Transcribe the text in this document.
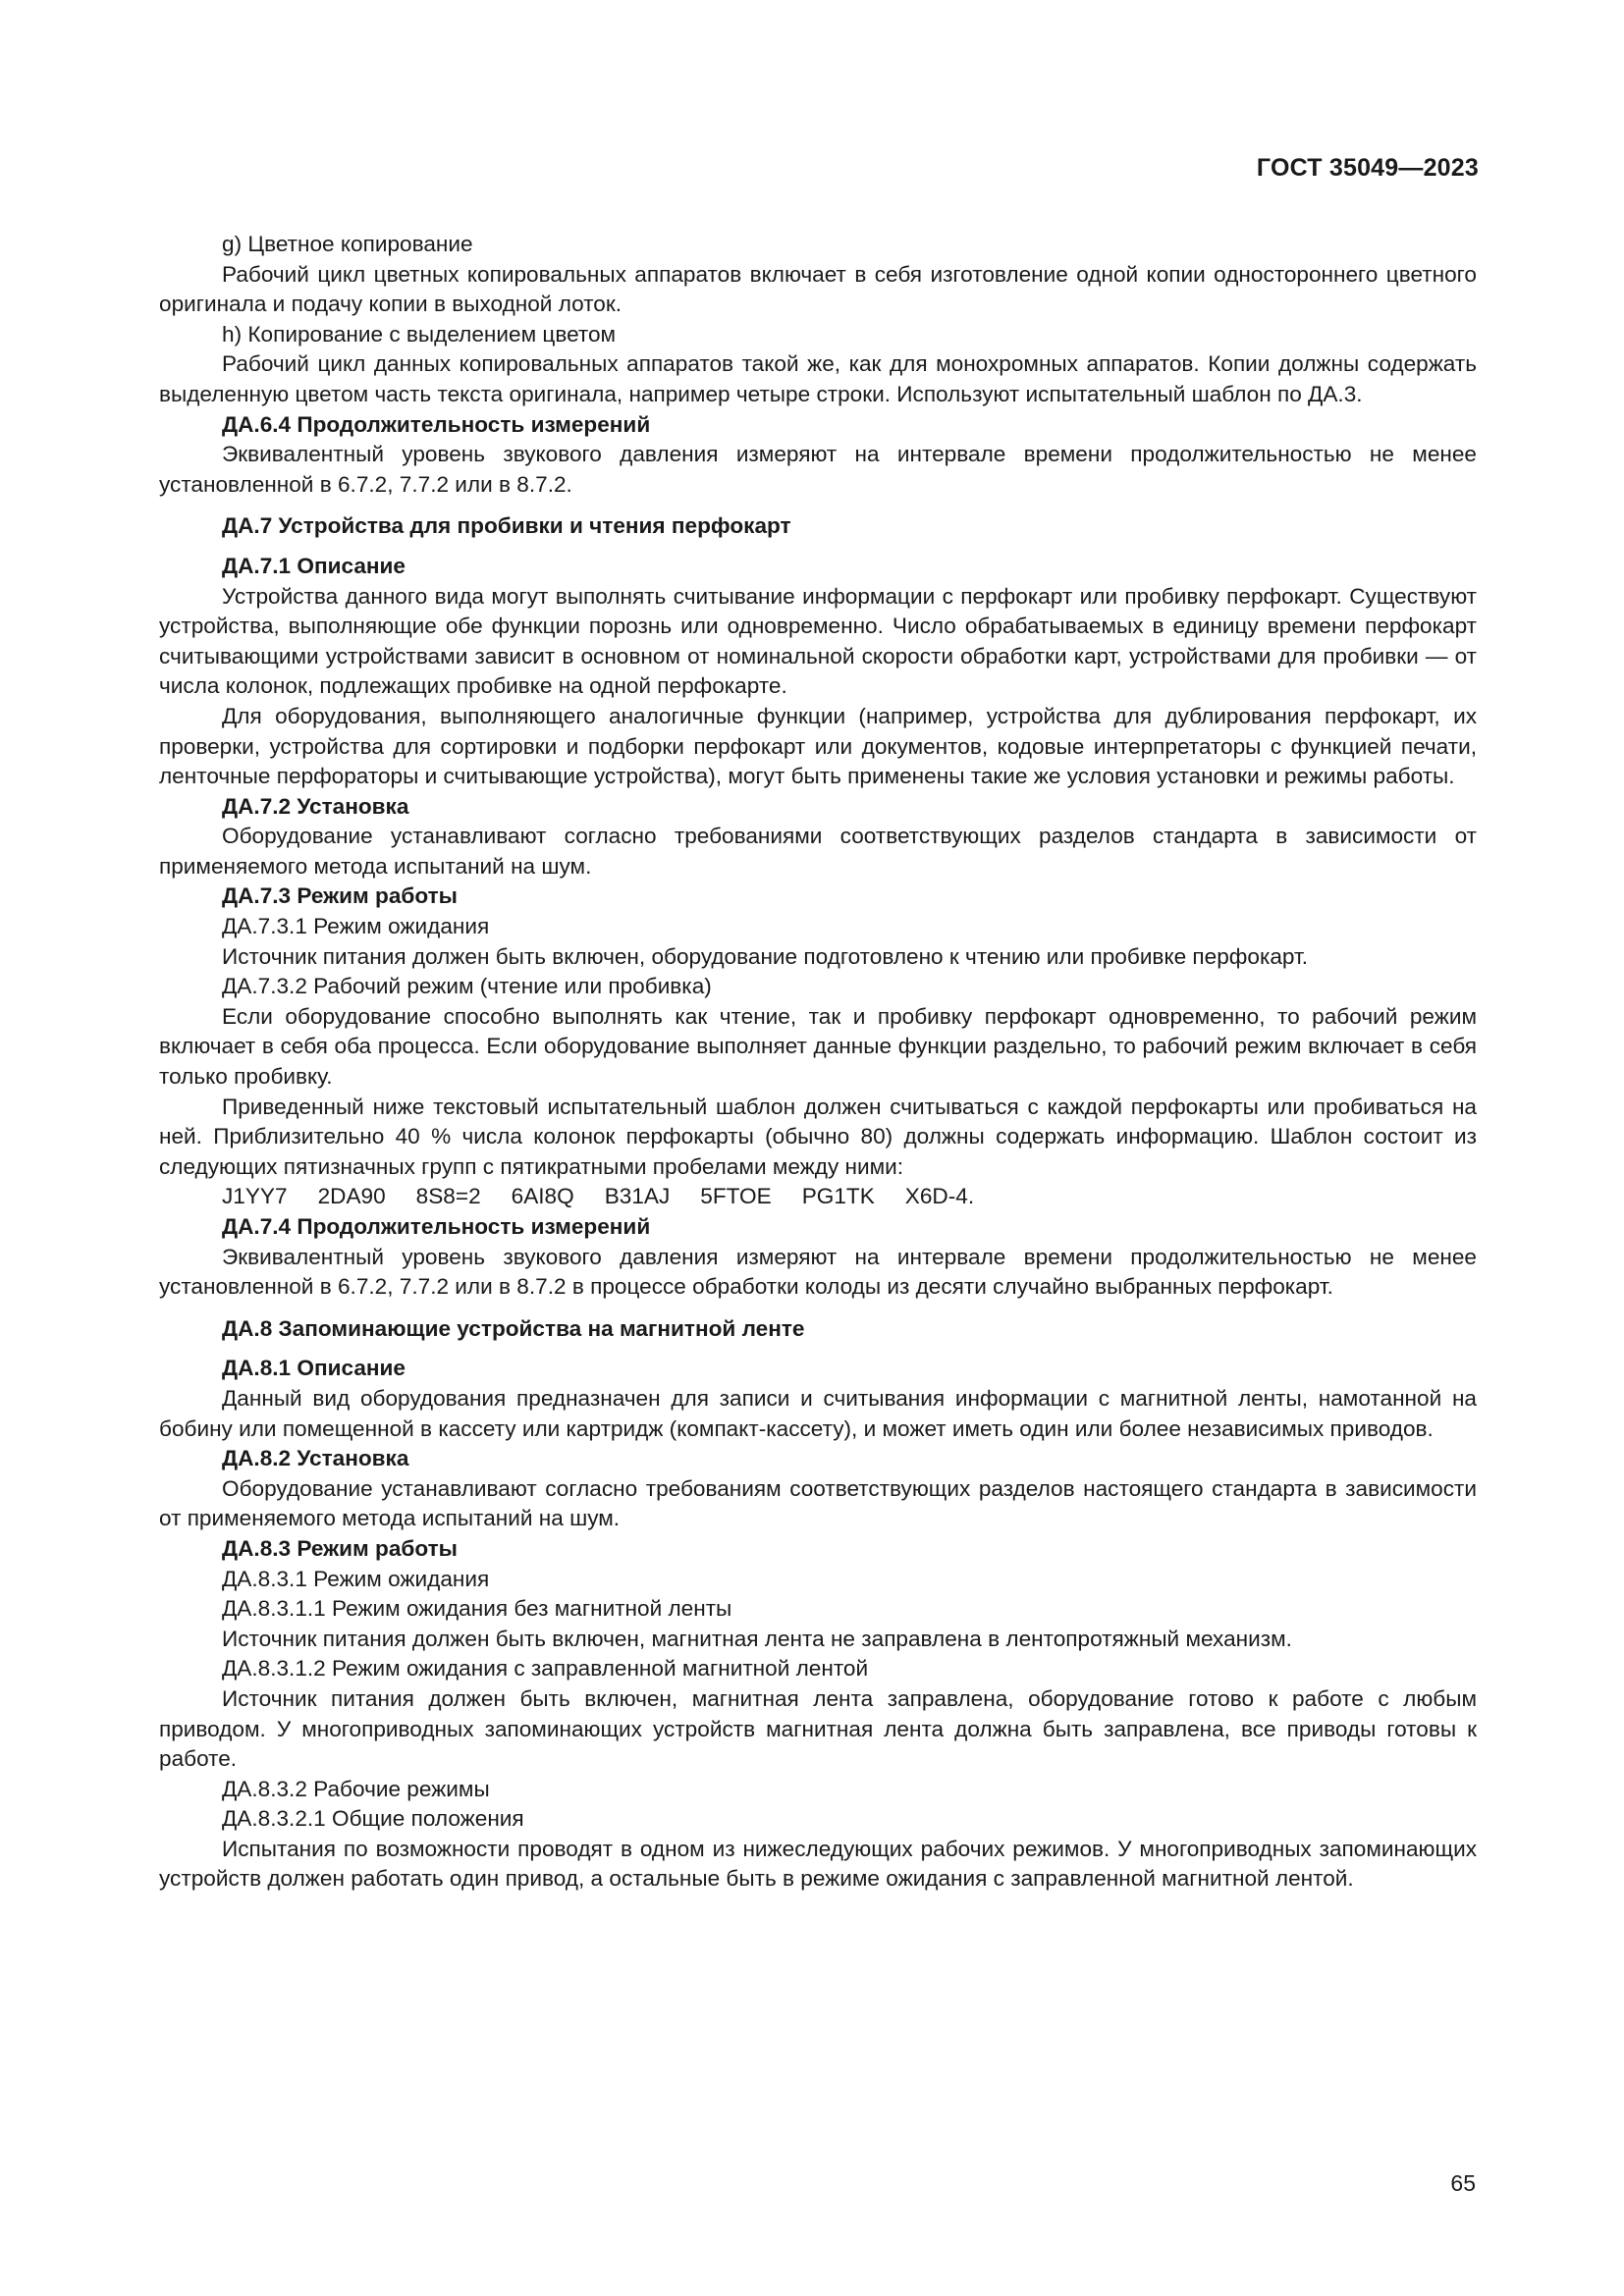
ГОСТ 35049—2023

g) Цветное копирование

Рабочий цикл цветных копировальных аппаратов включает в себя изготовление одной копии одностороннего цветного оригинала и подачу копии в выходной лоток.

h) Копирование с выделением цветом

Рабочий цикл данных копировальных аппаратов такой же, как для монохромных аппаратов. Копии должны содержать выделенную цветом часть текста оригинала, например четыре строки. Используют испытательный шаблон по ДА.3.

ДА.6.4 Продолжительность измерений

Эквивалентный уровень звукового давления измеряют на интервале времени продолжительностью не менее установленной в 6.7.2, 7.7.2 или в 8.7.2.

ДА.7 Устройства для пробивки и чтения перфокарт

ДА.7.1 Описание

Устройства данного вида могут выполнять считывание информации с перфокарт или пробивку перфокарт. Существуют устройства, выполняющие обе функции порознь или одновременно. Число обрабатываемых в единицу времени перфокарт считывающими устройствами зависит в основном от номинальной скорости обработки карт, устройствами для пробивки — от числа колонок, подлежащих пробивке на одной перфокарте.

Для оборудования, выполняющего аналогичные функции (например, устройства для дублирования перфокарт, их проверки, устройства для сортировки и подборки перфокарт или документов, кодовые интерпретаторы с функцией печати, ленточные перфораторы и считывающие устройства), могут быть применены такие же условия установки и режимы работы.

ДА.7.2 Установка

Оборудование устанавливают согласно требованиями соответствующих разделов стандарта в зависимости от применяемого метода испытаний на шум.

ДА.7.3 Режим работы

ДА.7.3.1 Режим ожидания

Источник питания должен быть включен, оборудование подготовлено к чтению или пробивке перфокарт.

ДА.7.3.2 Рабочий режим (чтение или пробивка)

Если оборудование способно выполнять как чтение, так и пробивку перфокарт одновременно, то рабочий режим включает в себя оба процесса. Если оборудование выполняет данные функции раздельно, то рабочий режим включает в себя только пробивку.

Приведенный ниже текстовый испытательный шаблон должен считываться с каждой перфокарты или пробиваться на ней. Приблизительно 40 % числа колонок перфокарты (обычно 80) должны содержать информацию. Шаблон состоит из следующих пятизначных групп с пятикратными пробелами между ними:

J1YY7 2DA90 8S8=2 6AI8Q B31AJ 5FTOE PG1TK X6D-4.

ДА.7.4 Продолжительность измерений

Эквивалентный уровень звукового давления измеряют на интервале времени продолжительностью не менее установленной в 6.7.2, 7.7.2 или в 8.7.2 в процессе обработки колоды из десяти случайно выбранных перфокарт.

ДА.8 Запоминающие устройства на магнитной ленте

ДА.8.1 Описание

Данный вид оборудования предназначен для записи и считывания информации с магнитной ленты, намотанной на бобину или помещенной в кассету или картридж (компакт-кассету), и может иметь один или более независимых приводов.

ДА.8.2 Установка

Оборудование устанавливают согласно требованиям соответствующих разделов настоящего стандарта в зависимости от применяемого метода испытаний на шум.

ДА.8.3 Режим работы

ДА.8.3.1 Режим ожидания

ДА.8.3.1.1 Режим ожидания без магнитной ленты

Источник питания должен быть включен, магнитная лента не заправлена в лентопротяжный механизм.

ДА.8.3.1.2 Режим ожидания с заправленной магнитной лентой

Источник питания должен быть включен, магнитная лента заправлена, оборудование готово к работе с любым приводом. У многоприводных запоминающих устройств магнитная лента должна быть заправлена, все приводы готовы к работе.

ДА.8.3.2 Рабочие режимы

ДА.8.3.2.1 Общие положения

Испытания по возможности проводят в одном из нижеследующих рабочих режимов. У многоприводных запоминающих устройств должен работать один привод, а остальные быть в режиме ожидания с заправленной магнитной лентой.

65
